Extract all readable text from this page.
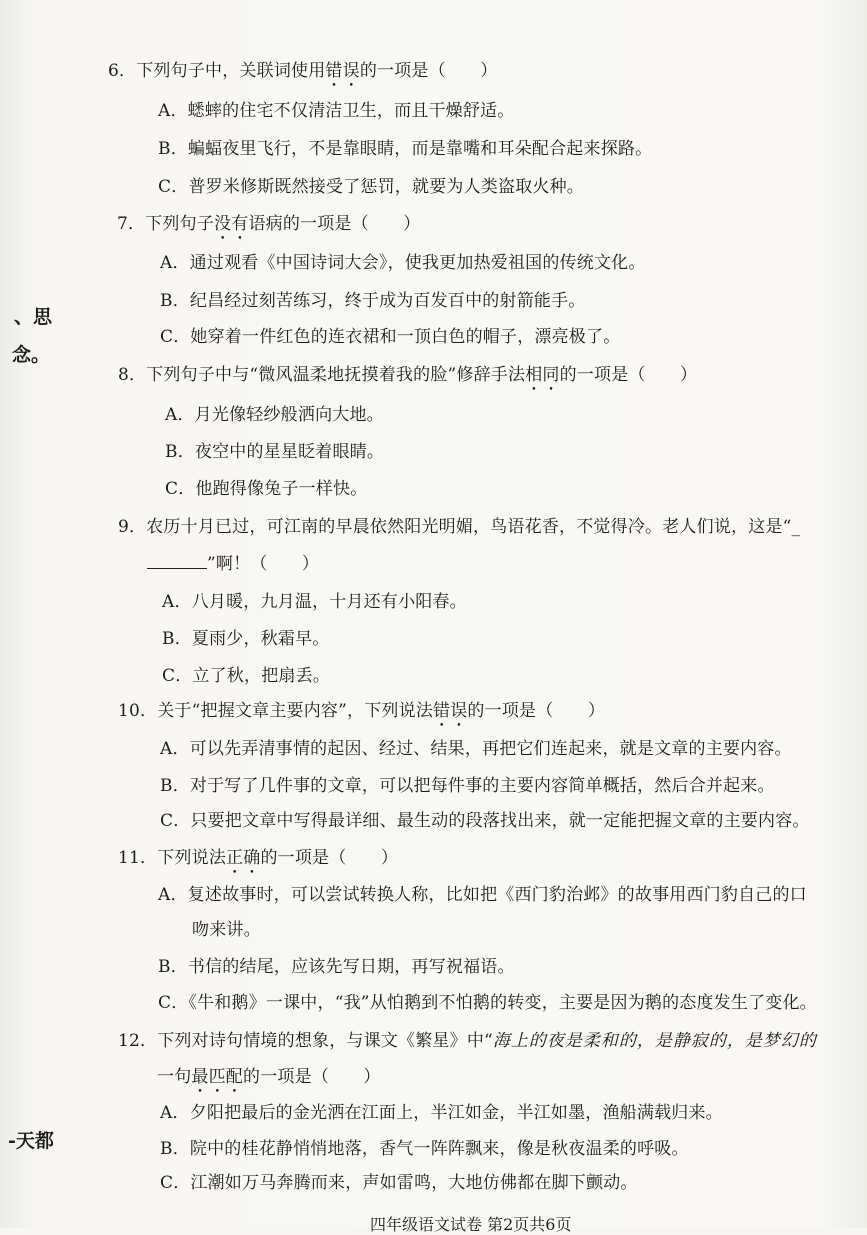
、思
念。
-天都
6．下列句子中，关联词使用错误的一项是（　　）
A．蟋蟀的住宅不仅清洁卫生，而且干燥舒适。
B．蝙蝠夜里飞行，不是靠眼睛，而是靠嘴和耳朵配合起来探路。
C．普罗米修斯既然接受了惩罚，就要为人类盗取火种。
7．下列句子没有语病的一项是（　　）
A．通过观看《中国诗词大会》，使我更加热爱祖国的传统文化。
B．纪昌经过刻苦练习，终于成为百发百中的射箭能手。
C．她穿着一件红色的连衣裙和一顶白色的帽子，漂亮极了。
8．下列句子中与“微风温柔地抚摸着我的脸”修辞手法相同的一项是（　　）
A．月光像轻纱般洒向大地。
B．夜空中的星星眨着眼睛。
C．他跑得像兔子一样快。
9．农历十月已过，可江南的早晨依然阳光明媚，鸟语花香，不觉得冷。老人们说，这是“_
”啊！（　　）
A．八月暖，九月温，十月还有小阳春。
B．夏雨少，秋霜早。
C．立了秋，把扇丢。
10．关于“把握文章主要内容”，下列说法错误的一项是（　　）
A．可以先弄清事情的起因、经过、结果，再把它们连起来，就是文章的主要内容。
B．对于写了几件事的文章，可以把每件事的主要内容简单概括，然后合并起来。
C．只要把文章中写得最详细、最生动的段落找出来，就一定能把握文章的主要内容。
11．下列说法正确的一项是（　　）
A．复述故事时，可以尝试转换人称，比如把《西门豹治邺》的故事用西门豹自己的口
吻来讲。
B．书信的结尾，应该先写日期，再写祝福语。
C．《牛和鹅》一课中，“我”从怕鹅到不怕鹅的转变，主要是因为鹅的态度发生了变化。
12．下列对诗句情境的想象，与课文《繁星》中“海上的夜是柔和的，是静寂的，是梦幻的
一句最匹配的一项是（　　）
A．夕阳把最后的金光洒在江面上，半江如金，半江如墨，渔船满载归来。
B．院中的桂花静悄悄地落，香气一阵阵飘来，像是秋夜温柔的呼吸。
C．江潮如万马奔腾而来，声如雷鸣，大地仿佛都在脚下颤动。
四年级语文试卷 第2页共6页
